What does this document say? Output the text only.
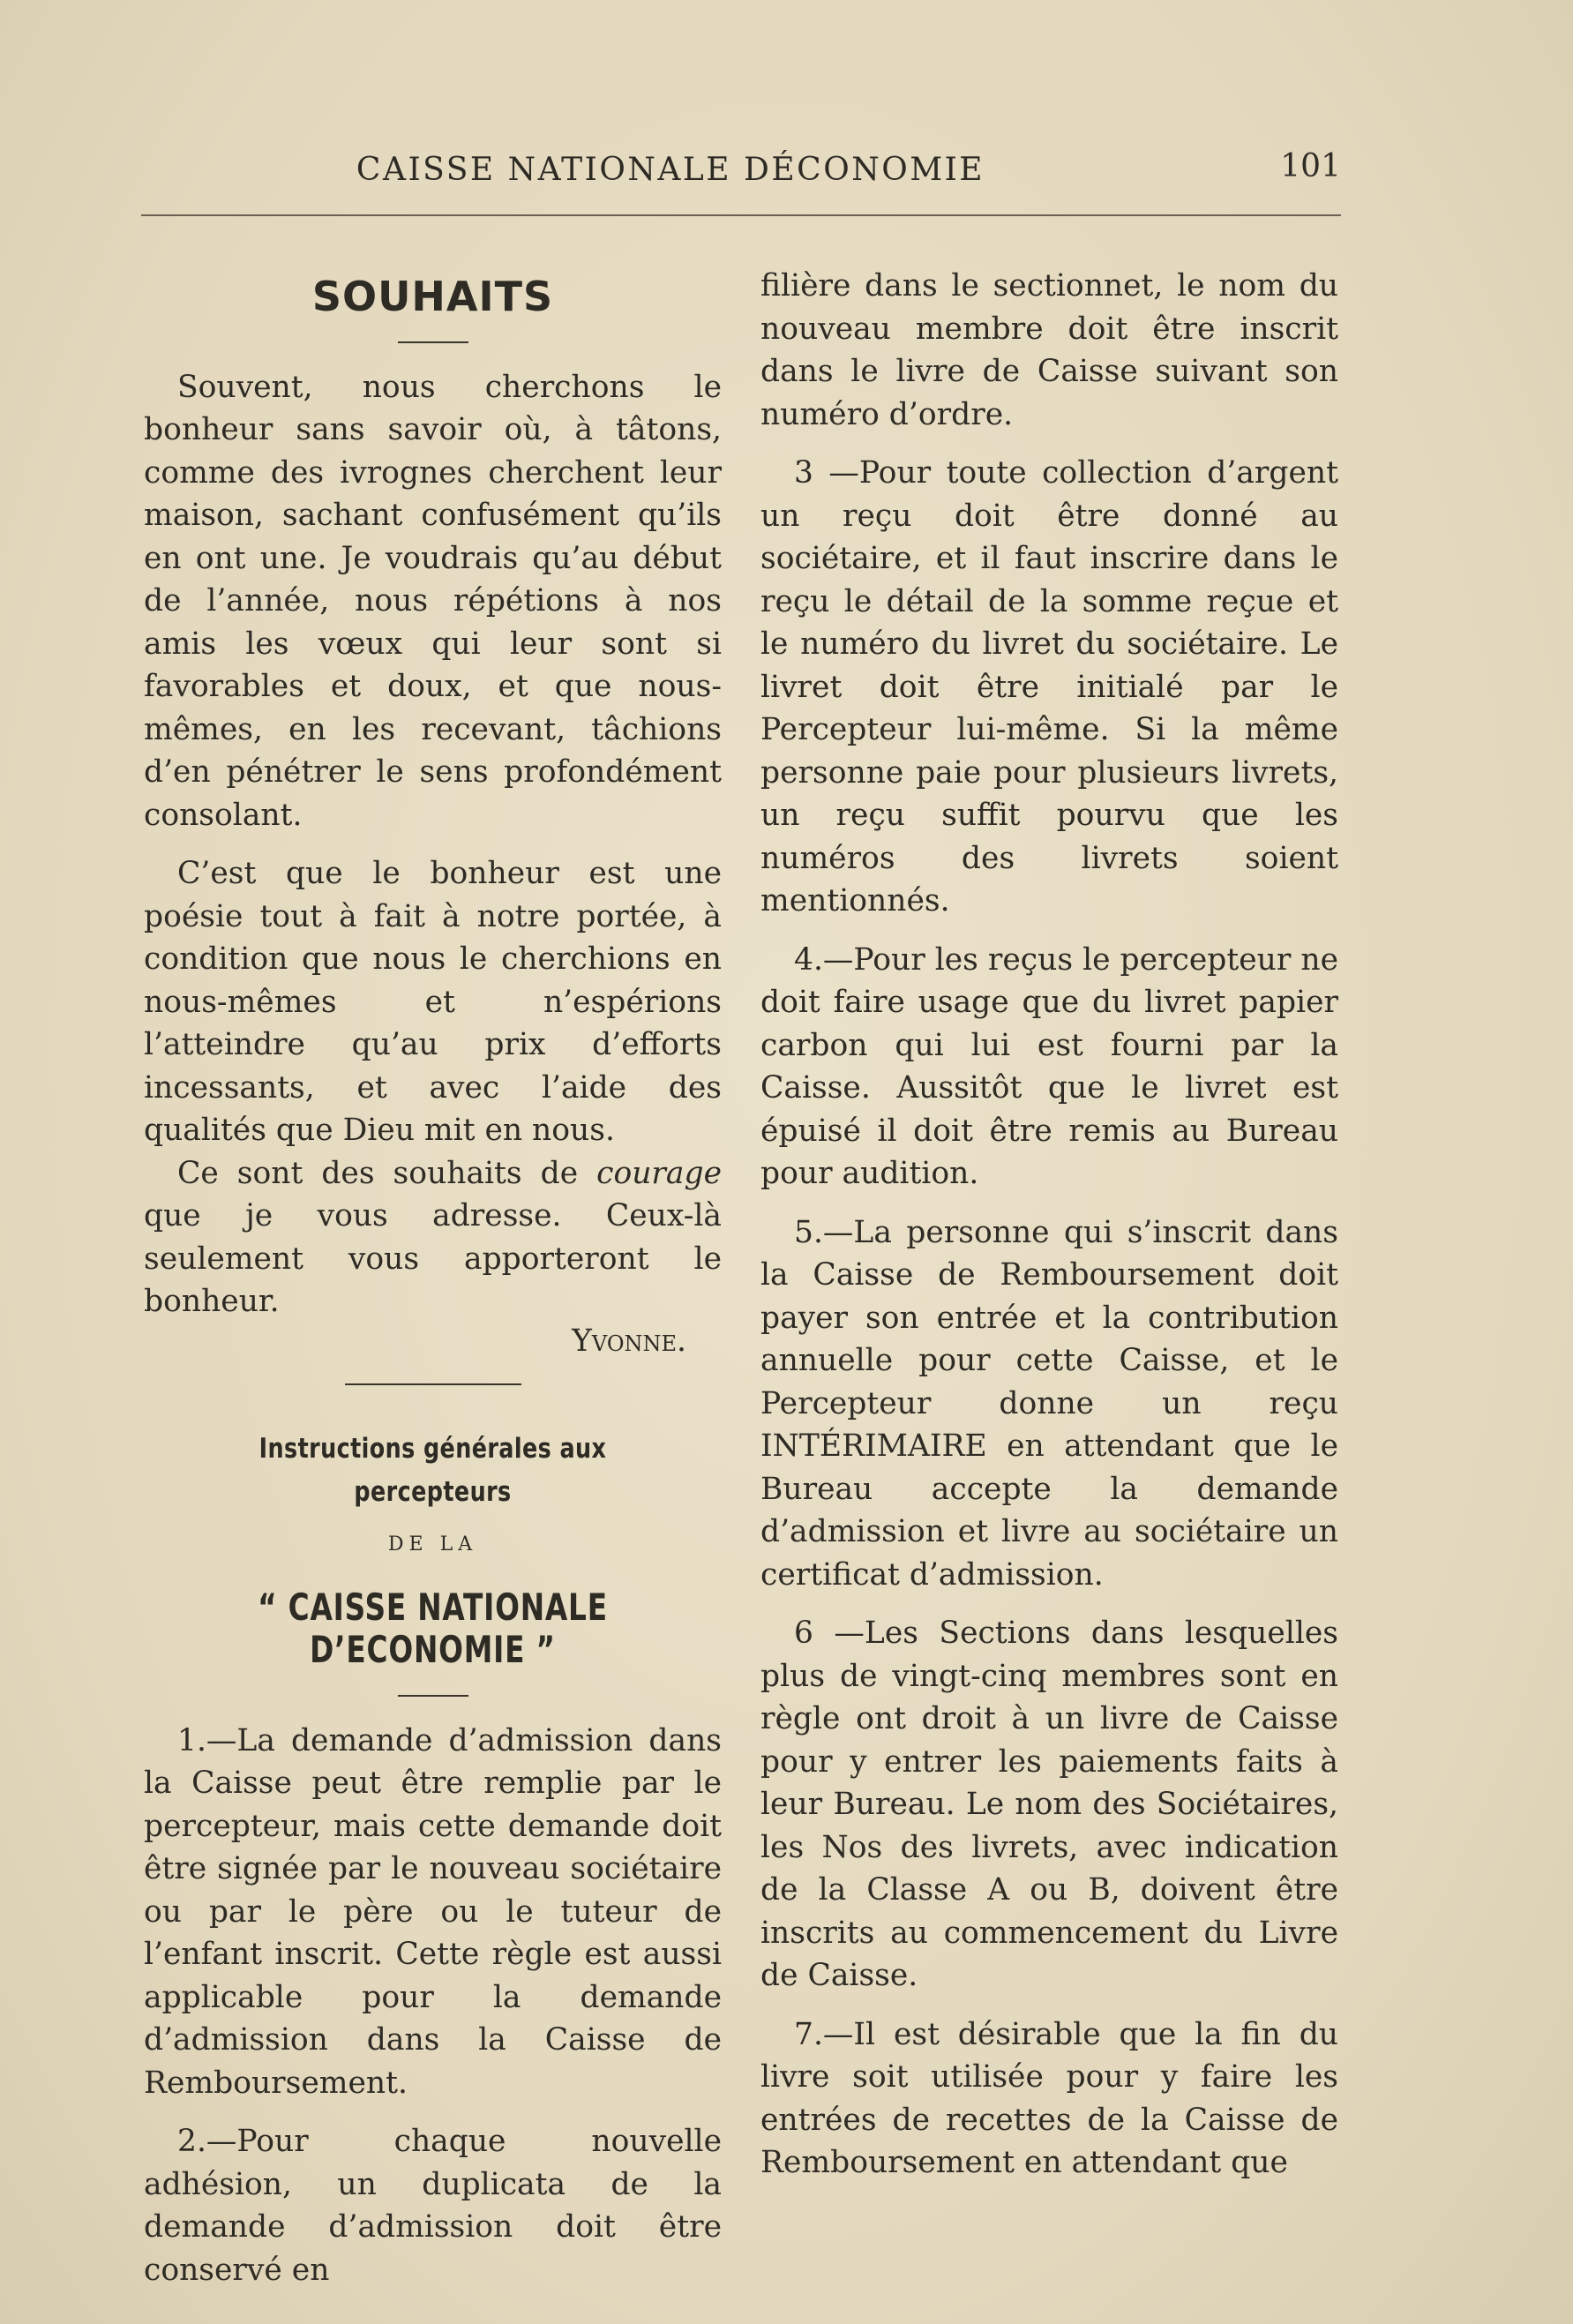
CAISSE NATIONALE DÉCONOMIE	101
SOUHAITS

Souvent, nous cherchons le bonheur sans savoir où, à tâtons, comme des ivrognes cherchent leur maison, sachant confusément qu’ils en ont une. Je voudrais qu’au début de l’année, nous répétions à nos amis les vœux qui leur sont si favorables et doux, et que nous-mêmes, en les recevant, tâchions d’en pénétrer le sens profondément consolant.

C’est que le bonheur est une poésie tout à fait à notre portée, à condition que nous le cherchions en nous-mêmes et n’espérions l’atteindre qu’au prix d’efforts incessants, et avec l’aide des qualités que Dieu mit en nous.

Ce sont des souhaits de courage que je vous adresse. Ceux-là seulement vous apporteront le bonheur.

Yvonne.
Instructions générales aux percepteurs
DE LA
“ CAISSE NATIONALE D’ECONOMIE ”

1.—La demande d’admission dans la Caisse peut être remplie par le percepteur, mais cette demande doit être signée par le nouveau sociétaire ou par le père ou le tuteur de l’enfant inscrit. Cette règle est aussi applicable pour la demande d’admission dans la Caisse de Remboursement.

2.—Pour chaque nouvelle adhésion, un duplicata de la demande d’admission doit être conservé en

filière dans le sectionnet, le nom du nouveau membre doit être inscrit dans le livre de Caisse suivant son numéro d’ordre.

3 —Pour toute collection d’argent un reçu doit être donné au sociétaire, et il faut inscrire dans le reçu le détail de la somme reçue et le numéro du livret du sociétaire. Le livret doit être initialé par le Percepteur lui-même. Si la même personne paie pour plusieurs livrets, un reçu suffit pourvu que les numéros des livrets soient mentionnés.

4.—Pour les reçus le percepteur ne doit faire usage que du livret papier carbon qui lui est fourni par la Caisse. Aussitôt que le livret est épuisé il doit être remis au Bureau pour audition.

5.—La personne qui s’inscrit dans la Caisse de Remboursement doit payer son entrée et la contribution annuelle pour cette Caisse, et le Percepteur donne un reçu INTÉRIMAIRE en attendant que le Bureau accepte la demande d’admission et livre au sociétaire un certificat d’admission.

6 —Les Sections dans lesquelles plus de vingt-cinq membres sont en règle ont droit à un livre de Caisse pour y entrer les paiements faits à leur Bureau. Le nom des Sociétaires, les Nos des livrets, avec indication de la Classe A ou B, doivent être inscrits au commencement du Livre de Caisse.

7.—Il est désirable que la fin du livre soit utilisée pour y faire les entrées de recettes de la Caisse de Remboursement en attendant que
